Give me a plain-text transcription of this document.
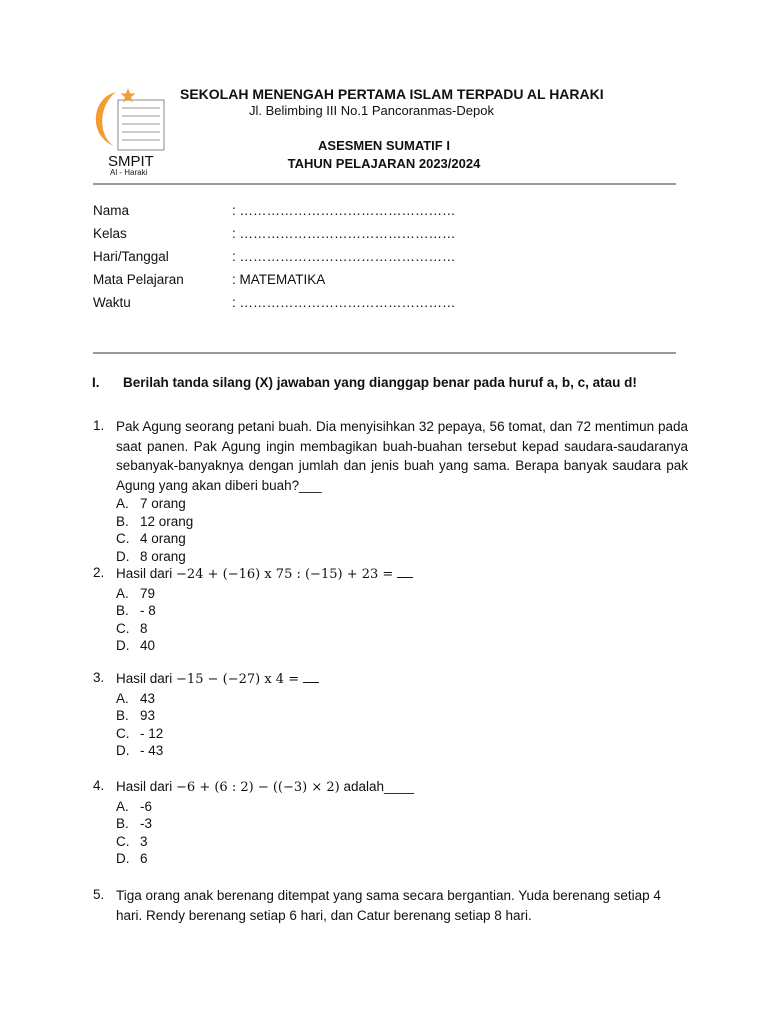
SMPIT
Al - Haraki
SEKOLAH MENENGAH PERTAMA ISLAM TERPADU AL HARAKI
Jl. Belimbing III No.1 Pancoranmas-Depok
ASESMEN SUMATIF I
TAHUN PELAJARAN 2023/2024
Nama	: …………………………………………
Kelas	: …………………………………………
Hari/Tanggal	: …………………………………………
Mata Pelajaran	: MATEMATIKA
Waktu	: …………………………………………
I. Berilah tanda silang (X) jawaban yang dianggap benar pada huruf a, b, c, atau d!
1. Pak Agung seorang petani buah. Dia menyisihkan 32 pepaya, 56 tomat, dan 72 mentimun pada saat panen. Pak Agung ingin membagikan buah-buahan tersebut kepad saudara-saudaranya sebanyak-banyaknya dengan jumlah dan jenis buah yang sama. Berapa banyak saudara pak Agung yang akan diberi buah?___
A. 7 orang
B. 12 orang
C. 4 orang
D. 8 orang
2. Hasil dari −24 + (−16) x 75 : (−15) + 23 =
A. 79
B. - 8
C. 8
D. 40
3. Hasil dari −15 − (−27) x 4 =
A. 43
B. 93
C. - 12
D. - 43
4. Hasil dari −6 + (6 : 2) − ((−3) × 2) adalah____
A. -6
B. -3
C. 3
D. 6
5. Tiga orang anak berenang ditempat yang sama secara bergantian. Yuda berenang setiap 4 hari. Rendy berenang setiap 6 hari, dan Catur berenang setiap 8 hari.
